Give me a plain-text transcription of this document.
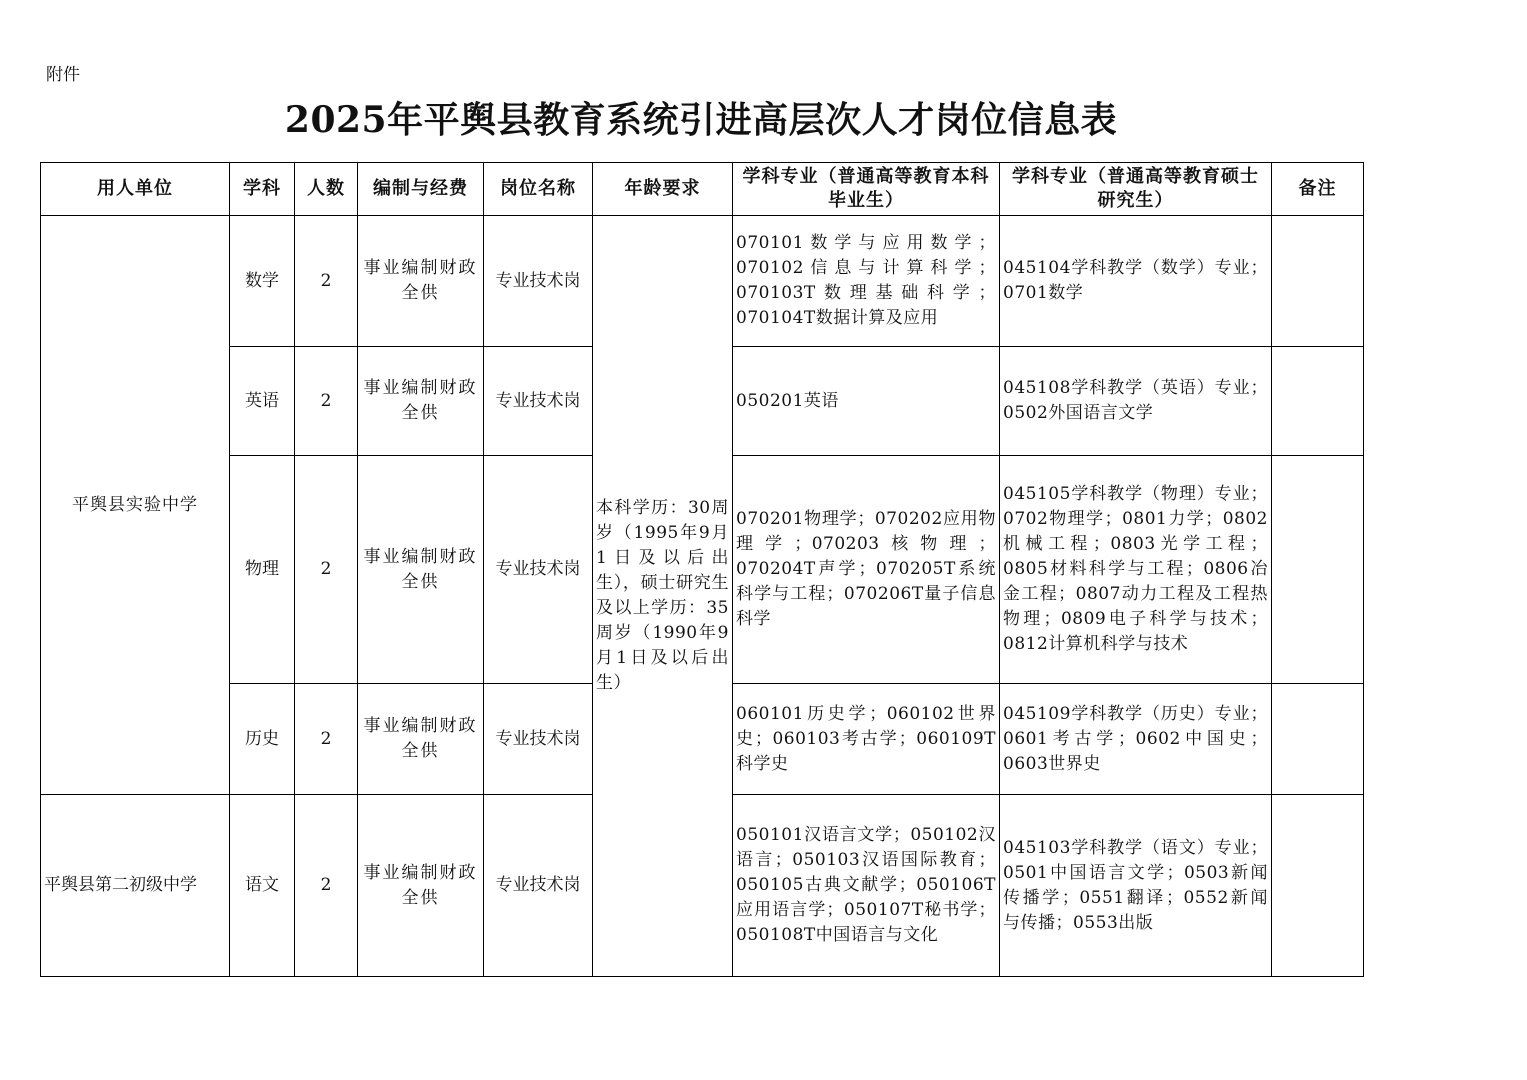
附件
2025年平舆县教育系统引进高层次人才岗位信息表
用人单位	学科	人数	编制与经费	岗位名称	年龄要求	学科专业（普通高等教育本科毕业生）	学科专业（普通高等教育硕士研究生）	备注
平舆县实验中学	数学	2	事业编制财政全供	专业技术岗	本科学历：30周岁（1995年9月1日及以后出生），硕士研究生及以上学历：35周岁（1990年9月1日及以后出生）	070101数学与应用数学；070102信息与计算科学；070103T数理基础科学；070104T数据计算及应用	045104学科教学（数学）专业； 0701数学	
	英语	2	事业编制财政全供	专业技术岗		050201英语	045108学科教学（英语）专业；0502外国语言文学	
	物理	2	事业编制财政全供	专业技术岗		070201物理学；070202应用物理学；070203核物理；070204T声学；070205T系统科学与工程；070206T量子信息科学	045105学科教学（物理）专业；0702物理学；0801力学；0802机械工程；0803光学工程；0805材料科学与工程；0806冶金工程；0807动力工程及工程热物理；0809电子科学与技术；0812计算机科学与技术	
	历史	2	事业编制财政全供	专业技术岗		060101历史学；060102世界史；060103考古学；060109T科学史	045109学科教学（历史）专业；0601考古学；0602中国史；0603世界史	
平舆县第二初级中学	语文	2	事业编制财政全供	专业技术岗		050101汉语言文学；050102汉语言；050103汉语国际教育；050105古典文献学；050106T应用语言学；050107T秘书学；050108T中国语言与文化	045103学科教学（语文）专业；0501中国语言文学；0503新闻传播学；0551翻译；0552新闻与传播；0553出版	
